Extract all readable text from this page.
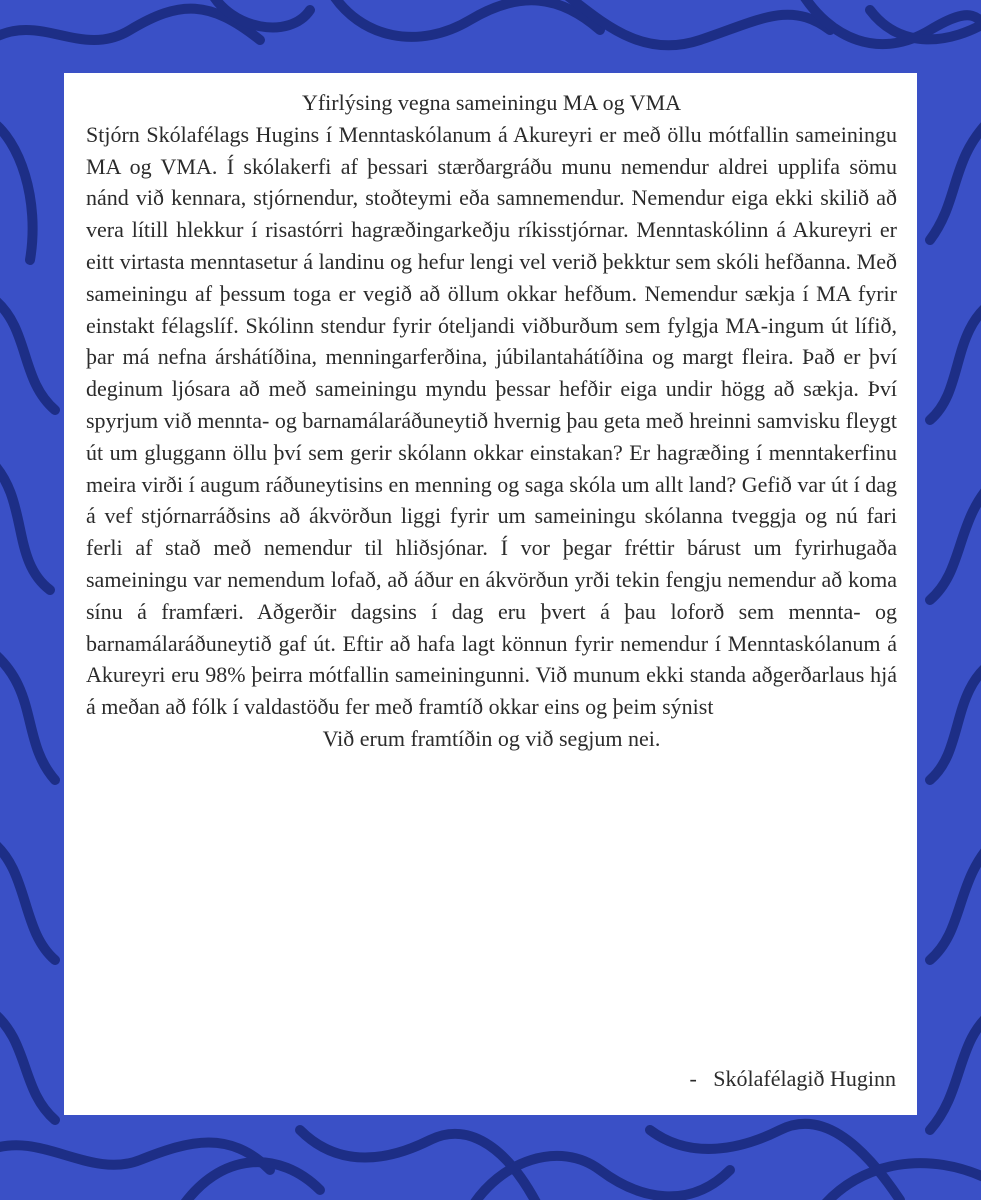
Yfirlýsing vegna sameiningu MA og VMA

Stjórn Skólafélags Hugins í Menntaskólanum á Akureyri er með öllu mótfallin sameiningu MA og VMA. Í skólakerfi af þessari stærðargráðu munu nemendur aldrei upplifa sömu nánd við kennara, stjórnendur, stoðteymi eða samnemendur. Nemendur eiga ekki skilið að vera lítill hlekkur í risastórri hagræðingarkeðju ríkisstjórnar. Menntaskólinn á Akureyri er eitt virtasta menntasetur á landinu og hefur lengi vel verið þekktur sem skóli hefðanna. Með sameiningu af þessum toga er vegið að öllum okkar hefðum. Nemendur sækja í MA fyrir einstakt félagslíf. Skólinn stendur fyrir óteljandi viðburðum sem fylgja MA-ingum út lífið, þar má nefna árshátíðina, menningarferðina, júbilantahátíðina og margt fleira. Það er því deginum ljósara að með sameiningu myndu þessar hefðir eiga undir högg að sækja. Því spyrjum við mennta- og barnamálaráðuneytið hvernig þau geta með hreinni samvisku fleygt út um gluggann öllu því sem gerir skólann okkar einstakan? Er hagræðing í menntakerfinu meira virði í augum ráðuneytisins en menning og saga skóla um allt land? Gefið var út í dag á vef stjórnarráðsins að ákvörðun liggi fyrir um sameiningu skólanna tveggja og nú fari ferli af stað með nemendur til hliðsjónar. Í vor þegar fréttir bárust um fyrirhugaða sameiningu var nemendum lofað, að áður en ákvörðun yrði tekin fengju nemendur að koma sínu á framfæri. Aðgerðir dagsins í dag eru þvert á þau loforð sem mennta- og barnamálaráðuneytið gaf út. Eftir að hafa lagt könnun fyrir nemendur í Menntaskólanum á Akureyri eru 98% þeirra mótfallin sameiningunni. Við munum ekki standa aðgerðarlaus hjá á meðan að fólk í valdastöðu fer með framtíð okkar eins og þeim sýnist

Við erum framtíðin og við segjum nei.

-   Skólafélagið Huginn
